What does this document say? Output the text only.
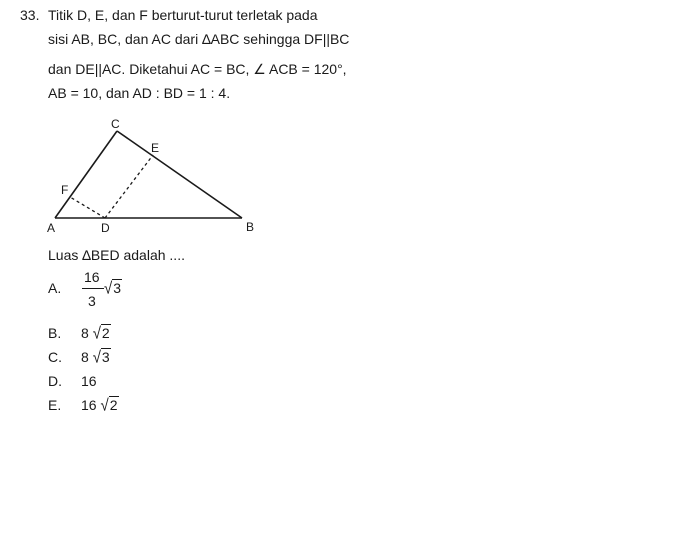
33. Titik D, E, dan F berturut-turut terletak pada
sisi AB, BC, dan AC dari ∆ABC sehingga DF||BC
dan DE||AC. Diketahui AC = BC, ∠ ACB = 120°,
AB = 10, dan AD : BD = 1 : 4.
C
E
F
A	D	B
Luas ∆BED adalah ....
A.
16
3
√3
B. 8 √2
C. 8 √3
D. 16
E. 16 √2
